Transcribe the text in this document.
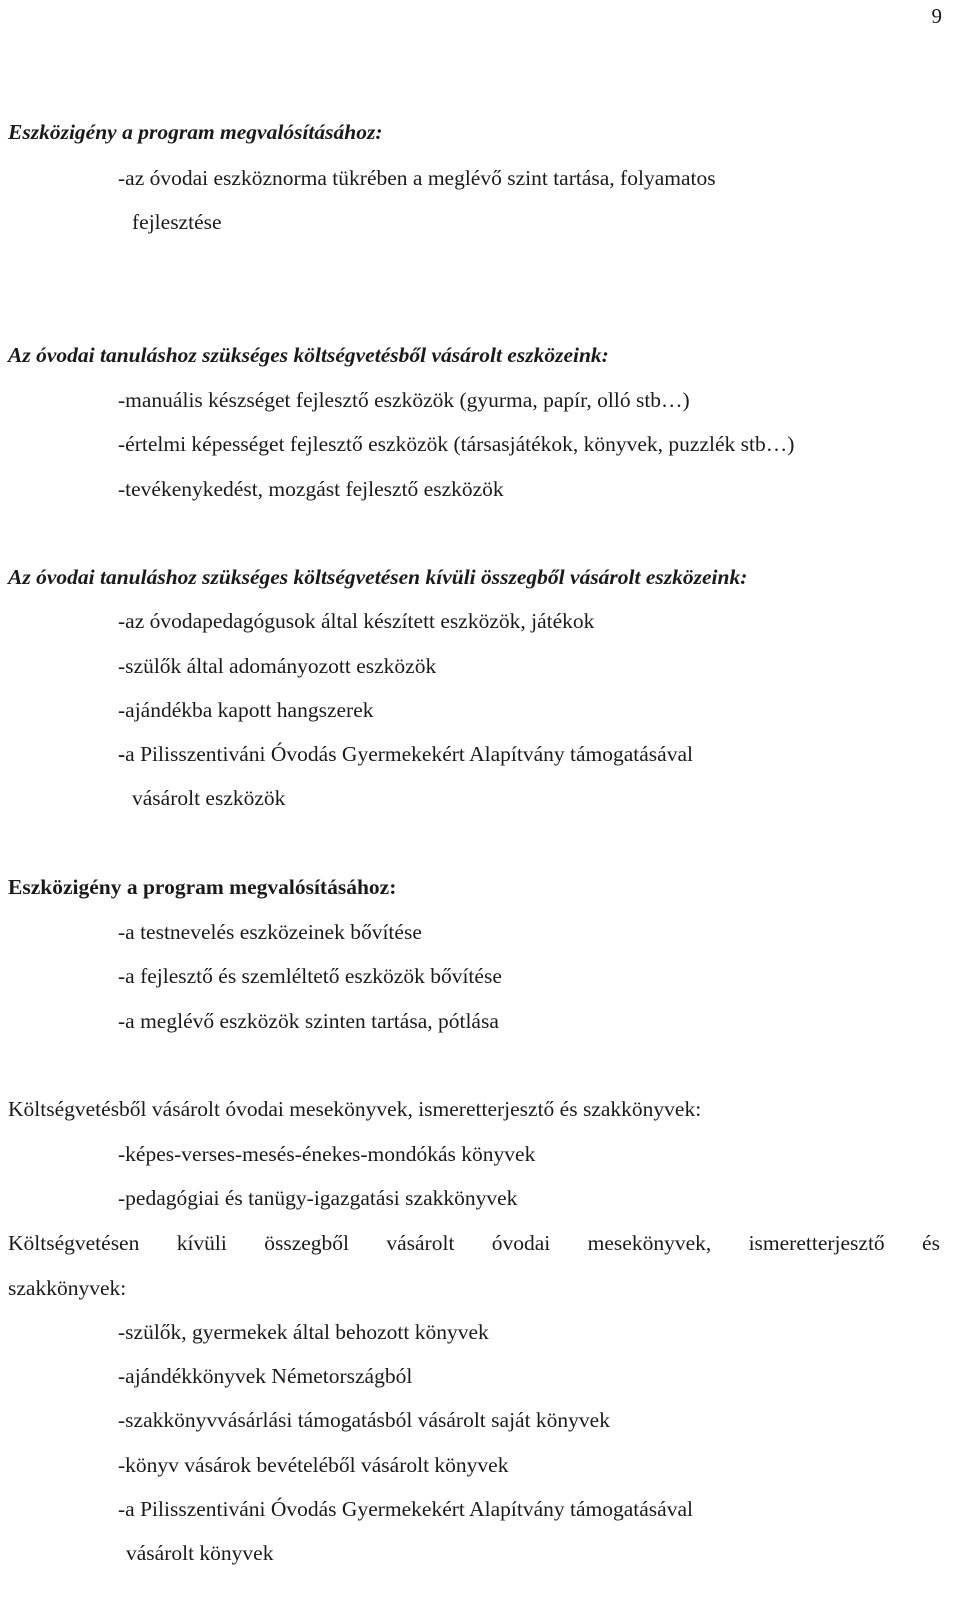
9
Eszközigény a program megvalósításához:
-az óvodai eszköznorma tükrében a meglévő szint tartása, folyamatos
fejlesztése
Az óvodai tanuláshoz szükséges költségvetésből vásárolt eszközeink:
-manuális készséget fejlesztő eszközök (gyurma, papír, olló stb…)
-értelmi képességet fejlesztő eszközök (társasjátékok, könyvek, puzzlék stb…)
-tevékenykedést, mozgást fejlesztő eszközök
Az óvodai tanuláshoz szükséges költségvetésen kívüli összegből vásárolt eszközeink:
-az óvodapedagógusok által készített eszközök, játékok
-szülők által adományozott eszközök
-ajándékba kapott hangszerek
-a Pilisszentiváni Óvodás Gyermekekért Alapítvány támogatásával
vásárolt eszközök
Eszközigény a program megvalósításához:
-a testnevelés eszközeinek bővítése
-a fejlesztő és szemléltető eszközök bővítése
-a meglévő eszközök szinten tartása, pótlása
Költségvetésből vásárolt óvodai mesekönyvek, ismeretterjesztő és szakkönyvek:
-képes-verses-mesés-énekes-mondókás könyvek
-pedagógiai és tanügy-igazgatási szakkönyvek
Költségvetésen kívüli összegből vásárolt óvodai mesekönyvek, ismeretterjesztő és
szakkönyvek:
-szülők, gyermekek által behozott könyvek
-ajándékkönyvek Németországból
-szakkönyvvásárlási támogatásból vásárolt saját könyvek
-könyv vásárok bevételéből vásárolt könyvek
-a Pilisszentiváni Óvodás Gyermekekért Alapítvány támogatásával
vásárolt könyvek
